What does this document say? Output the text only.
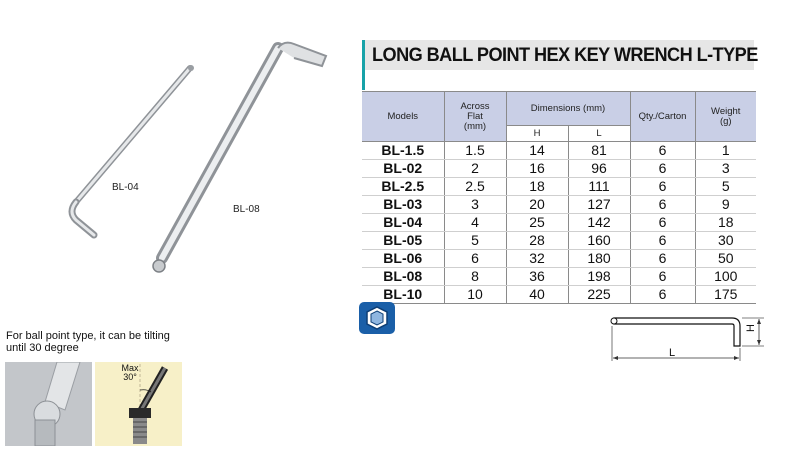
BL-04
BL-08
LONG BALL POINT HEX KEY WRENCH L-TYPE
Models	Across Flat (mm)	Dimensions (mm)		Qty./Carton	Weight (g)
		H	L		
BL-1.5	1.5	14	81	6	1
BL-02	2	16	96	6	3
BL-2.5	2.5	18	111	6	5
BL-03	3	20	127	6	9
BL-04	4	25	142	6	18
BL-05	5	28	160	6	30
BL-06	6	32	180	6	50
BL-08	8	36	198	6	100
BL-10	10	40	225	6	175
L
H
For ball point type, it can be tilting until 30 degree
Max 30°
